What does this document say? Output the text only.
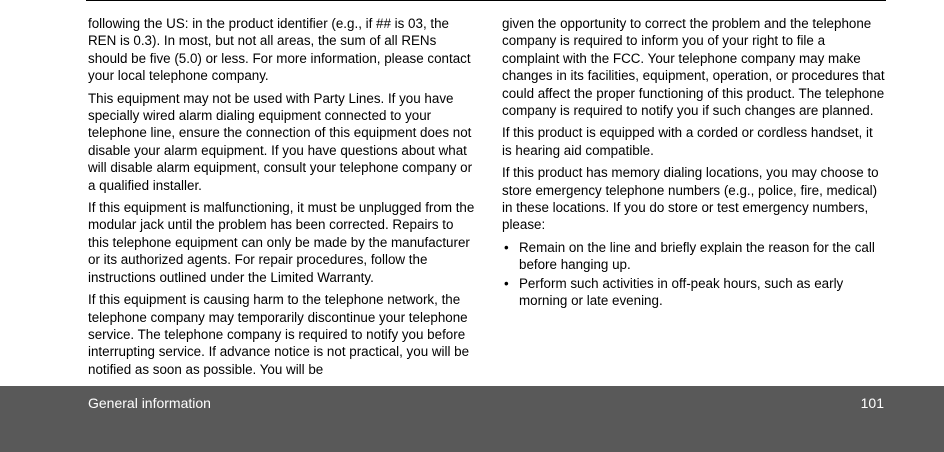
following the US: in the product identifier (e.g., if ## is 03, the REN is 0.3). In most, but not all areas, the sum of all RENs should be five (5.0) or less. For more information, please contact your local telephone company.

This equipment may not be used with Party Lines. If you have specially wired alarm dialing equipment connected to your telephone line, ensure the connection of this equipment does not disable your alarm equipment. If you have questions about what will disable alarm equipment, consult your telephone company or a qualified installer.

If this equipment is malfunctioning, it must be unplugged from the modular jack until the problem has been corrected. Repairs to this telephone equipment can only be made by the manufacturer or its authorized agents. For repair procedures, follow the instructions outlined under the Limited Warranty.

If this equipment is causing harm to the telephone network, the telephone company may temporarily discontinue your telephone service. The telephone company is required to notify you before interrupting service. If advance notice is not practical, you will be notified as soon as possible. You will be

given the opportunity to correct the problem and the telephone company is required to inform you of your right to file a complaint with the FCC. Your telephone company may make changes in its facilities, equipment, operation, or procedures that could affect the proper functioning of this product. The telephone company is required to notify you if such changes are planned.

If this product is equipped with a corded or cordless handset, it is hearing aid compatible.

If this product has memory dialing locations, you may choose to store emergency telephone numbers (e.g., police, fire, medical) in these locations. If you do store or test emergency numbers, please:

• Remain on the line and briefly explain the reason for the call before hanging up.
• Perform such activities in off-peak hours, such as early morning or late evening.
General information	101
